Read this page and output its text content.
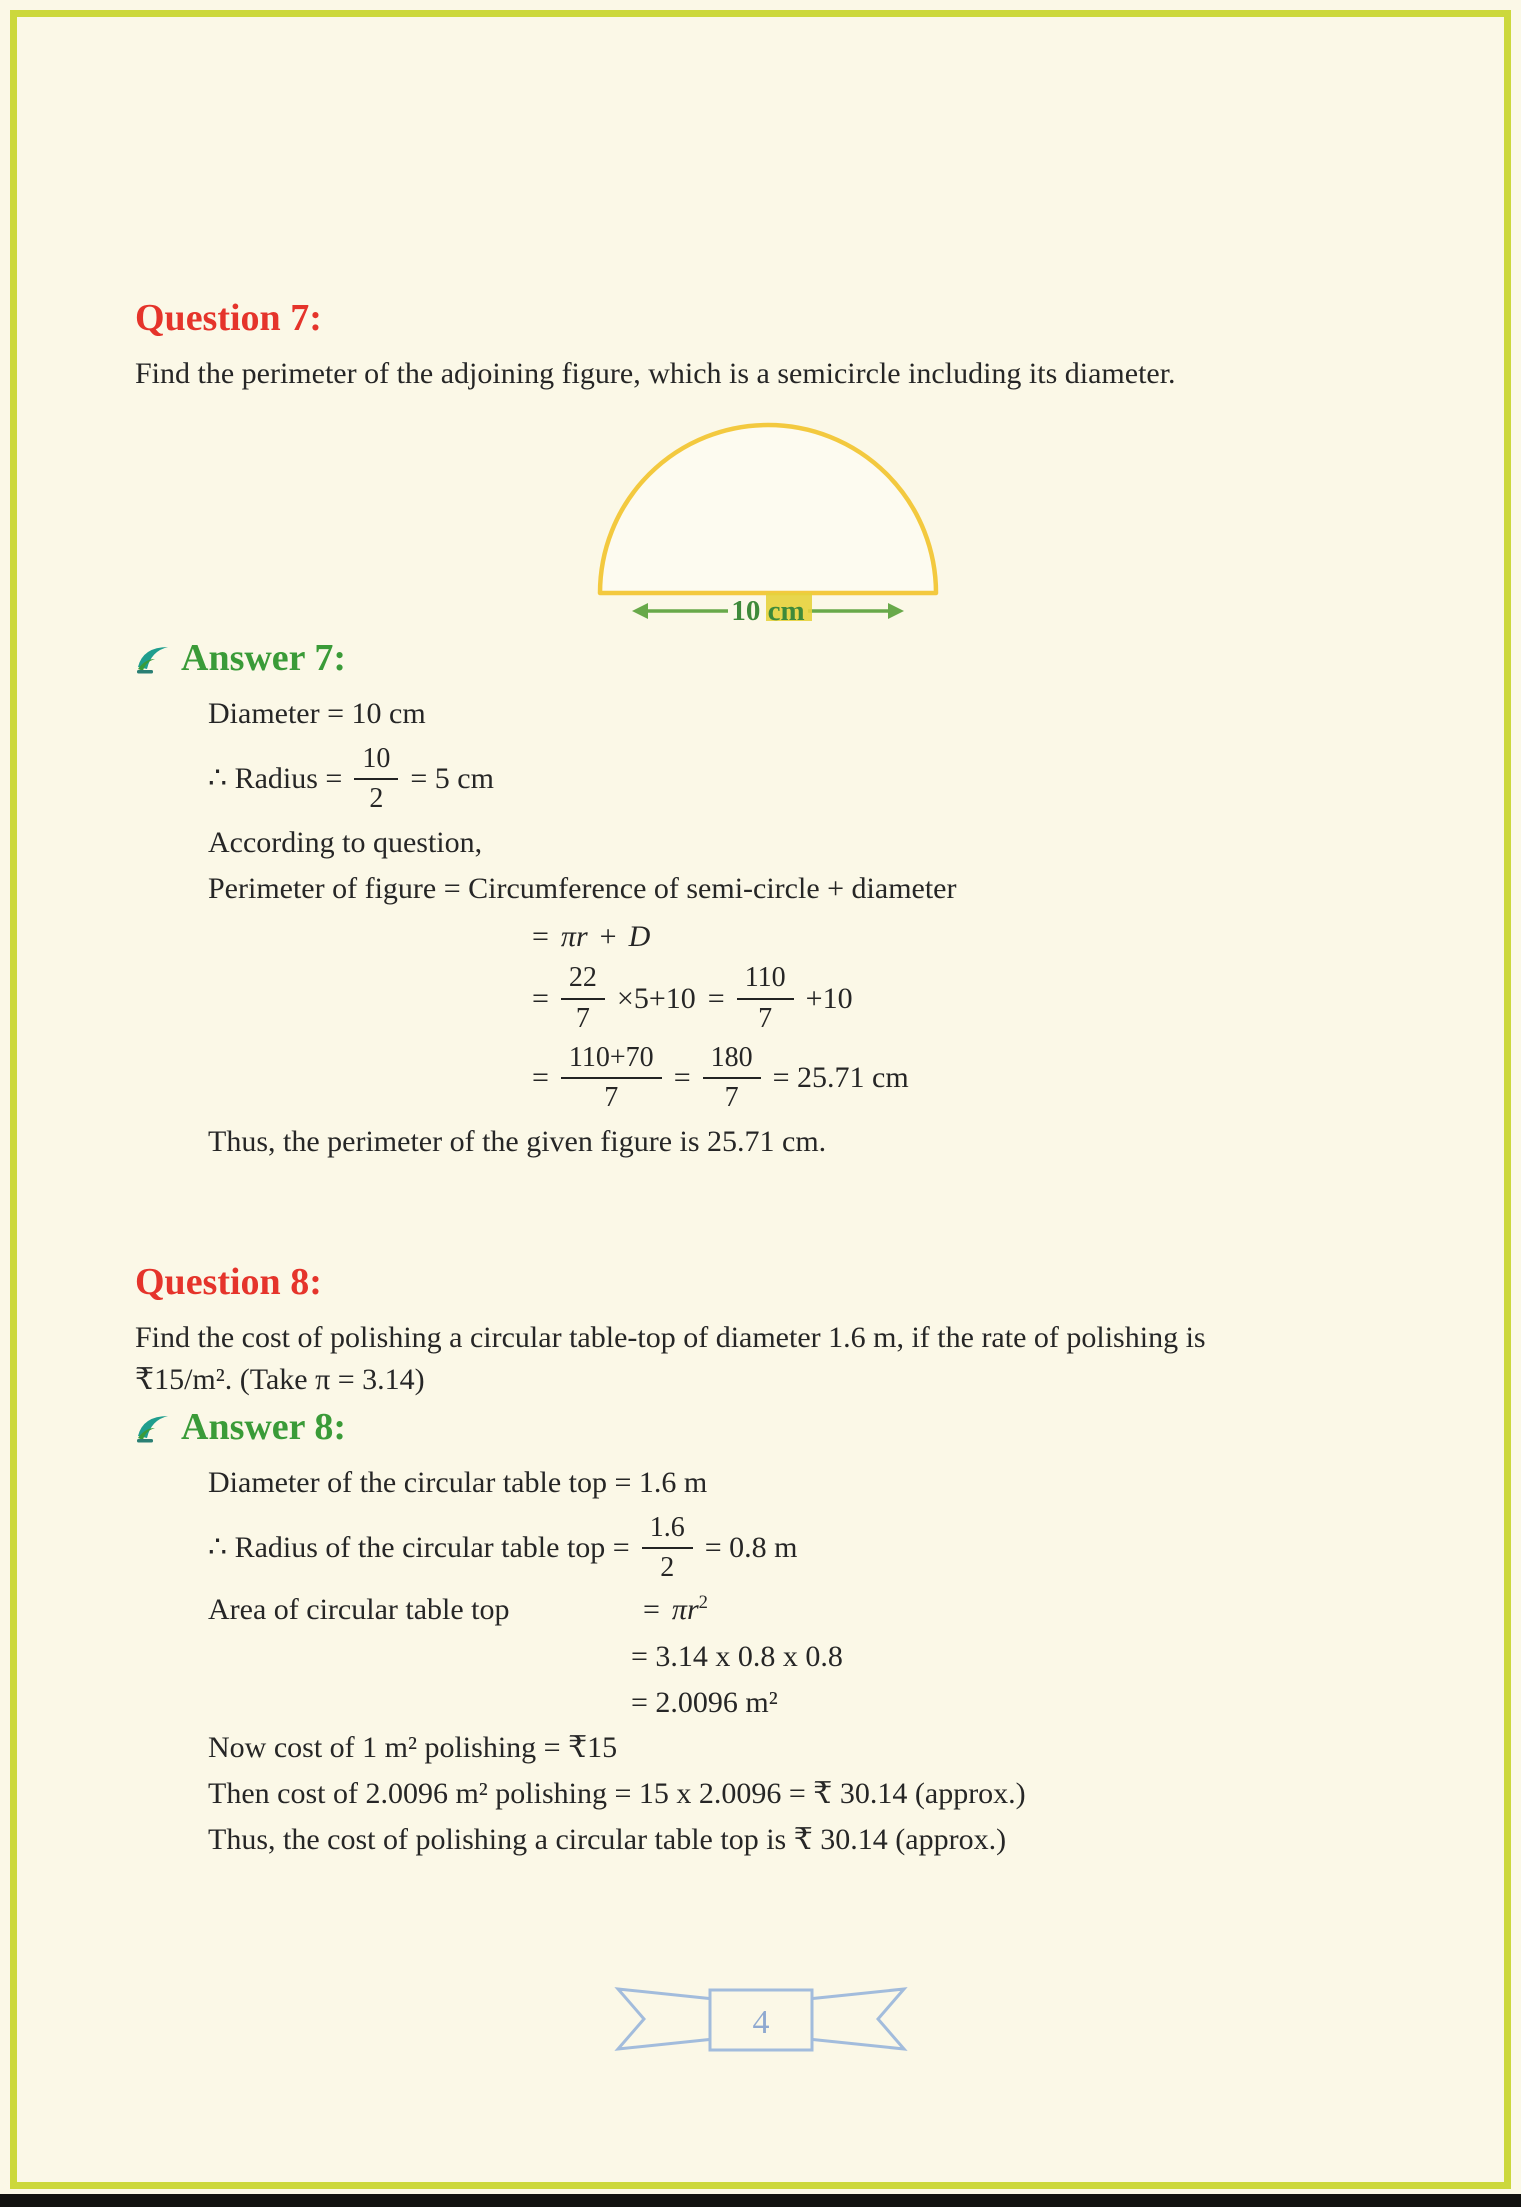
Question 7:

Find the perimeter of the adjoining figure, which is a semicircle including its diameter.

10 cm
Answer 7:

Diameter = 10 cm

∴ Radius = $\frac{10}{2} = 5$ cm

According to question,

Perimeter of figure = Circumference of semi-circle + diameter

= πr + D
= $\frac{22}{7} \times 5+10 = \frac{110}{7} +10$
= $\frac{110+70}{7} = \frac{180}{7} = 25.71$ cm

Thus, the perimeter of the given figure is 25.71 cm.

Question 8:

Find the cost of polishing a circular table-top of diameter 1.6 m, if the rate of polishing is

₹15/m². (Take π = 3.14)

Answer 8:

Diameter of the circular table top = 1.6 m

∴ Radius of the circular table top = $\frac{1.6}{2} = 0.8$ m
Area of circular table top	= $\pi r^2$

= 3.14 x 0.8 x 0.8

= 2.0096 m²

Now cost of 1 m² polishing = ₹15

Then cost of 2.0096 m² polishing = 15 x 2.0096 = ₹ 30.14 (approx.)

Thus, the cost of polishing a circular table top is ₹ 30.14 (approx.)

4
